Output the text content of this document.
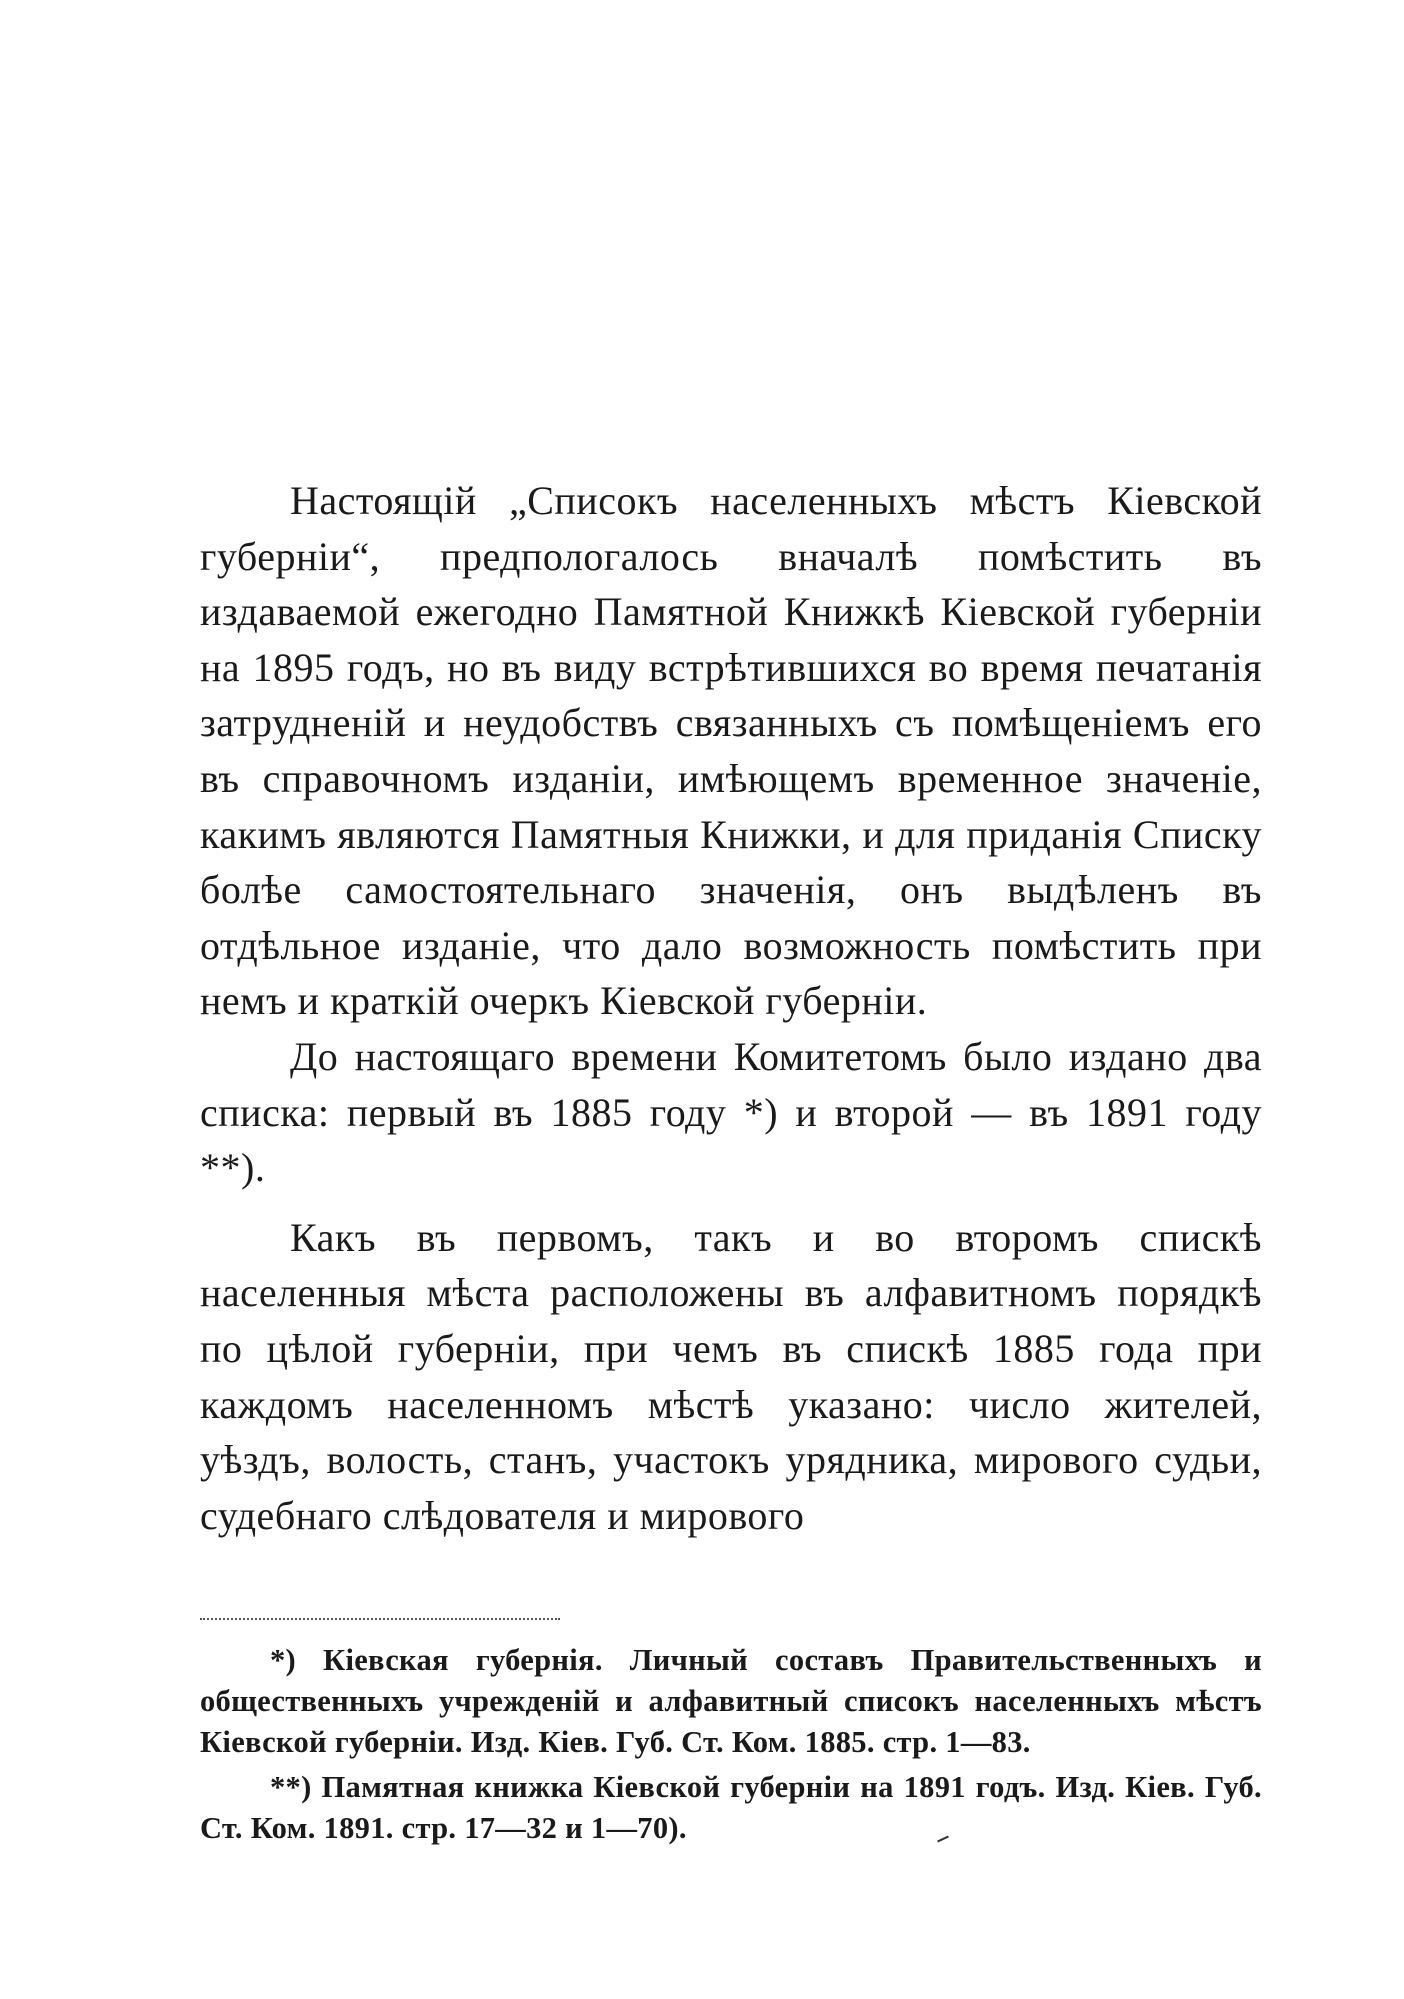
Настоящій „Списокъ населенныхъ мѣстъ Кіевской губерніи“, предпологалось вначалѣ помѣстить въ издаваемой ежегодно Памятной Книжкѣ Кіевской губерніи на 1895 годъ, но въ виду встрѣтившихся во время печатанія затрудненій и неудобствъ связанныхъ съ помѣщеніемъ его въ справочномъ изданіи, имѣющемъ временное значеніе, какимъ являются Памятныя Книжки, и для приданія Списку болѣе самостоятельнаго значенія, онъ выдѣленъ въ отдѣльное изданіе, что дало возможность помѣстить при немъ и краткій очеркъ Кіевской губерніи.

До настоящаго времени Комитетомъ было издано два списка: первый въ 1885 году *) и второй — въ 1891 году **).

Какъ въ первомъ, такъ и во второмъ спискѣ населенныя мѣста расположены въ алфавитномъ порядкѣ по цѣлой губерніи, при чемъ въ спискѣ 1885 года при каждомъ населенномъ мѣстѣ указано: число жителей, уѣздъ, волость, станъ, участокъ урядника, мирового судьи, судебнаго слѣдователя и мирового

*) Кіевская губернія. Личный составъ Правительственныхъ и общественныхъ учрежденій и алфавитный списокъ населенныхъ мѣстъ Кіевской губерніи. Изд. Кіев. Губ. Ст. Ком. 1885. стр. 1—83.

**) Памятная книжка Кіевской губерніи на 1891 годъ. Изд. Кіев. Губ. Ст. Ком. 1891. стр. 17—32 и 1—70).
